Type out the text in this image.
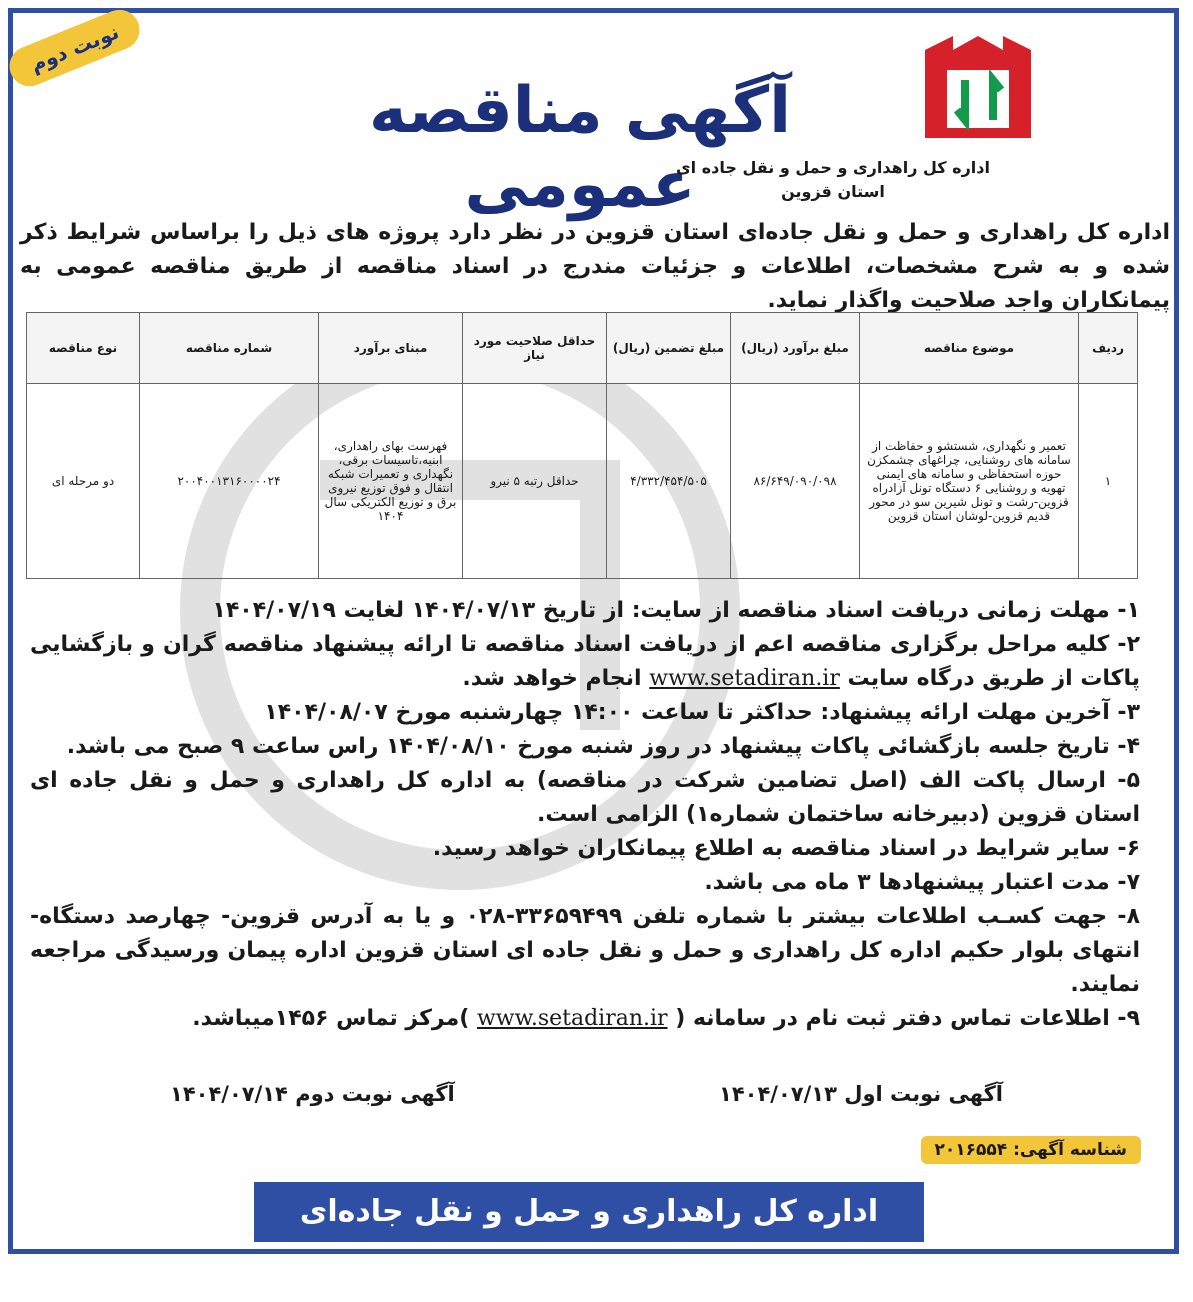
نوبت دوم
آگهی مناقصه عمومی
اداره کل راهداری و حمل و نقل جاده ای
استان قزوین
اداره کل راهداری و حمل و نقل جاده‌ای استان قزوین در نظر دارد پروژه های ذیل را براساس شرایط ذکر شده و به شرح مشخصات، اطلاعات و جزئیات مندرج در اسناد مناقصه از طریق مناقصه عمومی به پیمانکاران واجد صلاحیت واگذار نماید.
ردیف	موضوع مناقصه	مبلغ برآورد (ریال)	مبلغ تضمین (ریال)	حداقل صلاحیت مورد نیاز	مبنای برآورد	شماره مناقصه	نوع مناقصه
۱	تعمیر و نگهداری، شستشو و حفاظت از سامانه های روشنایی، چراغهای چشمکزن حوزه استحفاظی و سامانه های ایمنی تهویه و روشنایی ۶ دستگاه تونل آزادراه قزوین-رشت و تونل شیرین سو در محور قدیم قزوین-لوشان استان قزوین	۸۶/۶۴۹/۰۹۰/۰۹۸	۴/۳۳۲/۴۵۴/۵۰۵	حداقل رتبه ۵ نیرو	فهرست بهای راهداری، ابنیه،تاسیسات برقی، نگهداری و تعمیرات شبکه انتقال و فوق توزیع نیروی برق و توزیع الکتریکی سال ۱۴۰۴	۲۰۰۴۰۰۱۳۱۶۰۰۰۰۲۴	دو مرحله ای
۱- مهلت زمانی دریافت اسناد مناقصه از سایت: از تاریخ ۱۴۰۴/۰۷/۱۳ لغایت ۱۴۰۴/۰۷/۱۹
۲- کلیه مراحل برگزاری مناقصه اعم از دریافت اسناد مناقصه تا ارائه پیشنهاد مناقصه گران و بازگشایی پاکات از طریق درگاه سایت www.setadiran.ir انجام خواهد شد.
۳- آخرین مهلت ارائه پیشنهاد: حداکثر تا ساعت ۱۴:۰۰ چهارشنبه مورخ ۱۴۰۴/۰۸/۰۷
۴- تاریخ جلسه بازگشائی پاکات پیشنهاد در روز شنبه مورخ ۱۴۰۴/۰۸/۱۰ راس ساعت ۹ صبح می باشد.
۵- ارسال پاکت الف (اصل تضامین شرکت در مناقصه) به اداره کل راهداری و حمل و نقل جاده ای استان قزوین (دبیرخانه ساختمان شماره۱) الزامی است.
۶- سایر شرایط در اسناد مناقصه به اطلاع پیمانکاران خواهد رسید.
۷- مدت اعتبار پیشنهادها ۳ ماه می باشد.
۸- جهت کسـب اطلاعات بیشتر با شماره تلفن ۳۳۶۵۹۴۹۹-۰۲۸ و یا به آدرس قزوین- چهارصد دستگاه-انتهای بلوار حکیم اداره کل راهداری و حمل و نقل جاده ای استان قزوین اداره پیمان ورسیدگی مراجعه نمایند.
۹- اطلاعات تماس دفتر ثبت نام در سامانه ( www.setadiran.ir )مرکز تماس ۱۴۵۶میباشد.
آگهی نوبت اول ۱۴۰۴/۰۷/۱۳
آگهی نوبت دوم ۱۴۰۴/۰۷/۱۴
شناسه آگهی: ۲۰۱۶۵۵۴
اداره کل راهداری و حمل و نقل جاده‌ای استان قزوین
